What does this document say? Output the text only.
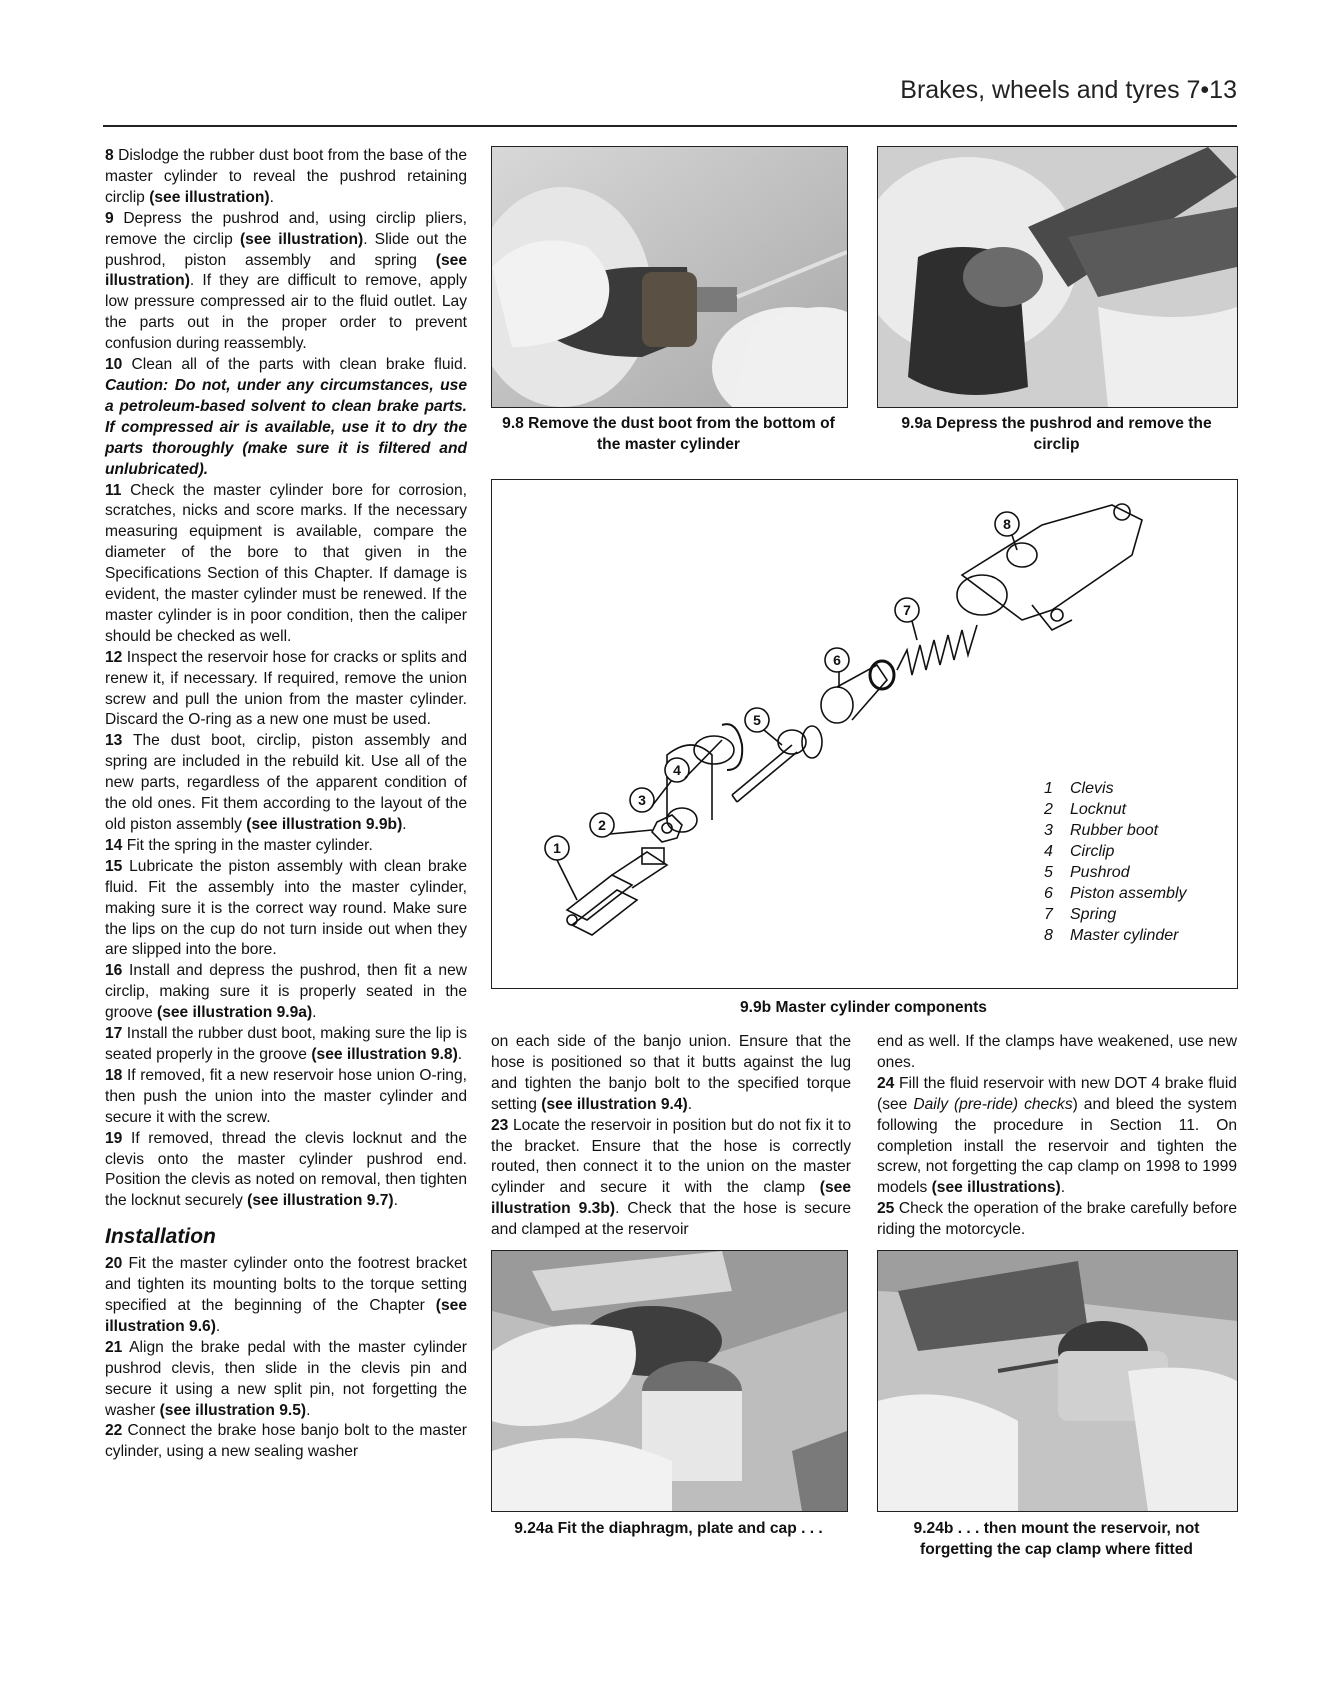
Brakes, wheels and tyres 7•13

8 Dislodge the rubber dust boot from the base of the master cylinder to reveal the pushrod retaining circlip (see illustration).

9 Depress the pushrod and, using circlip pliers, remove the circlip (see illustration). Slide out the pushrod, piston assembly and spring (see illustration). If they are difficult to remove, apply low pressure compressed air to the fluid outlet. Lay the parts out in the proper order to prevent confusion during reassembly.

10 Clean all of the parts with clean brake fluid. Caution: Do not, under any circumstances, use a petroleum-based solvent to clean brake parts. If compressed air is available, use it to dry the parts thoroughly (make sure it is filtered and unlubricated).

11 Check the master cylinder bore for corrosion, scratches, nicks and score marks. If the necessary measuring equipment is available, compare the diameter of the bore to that given in the Specifications Section of this Chapter. If damage is evident, the master cylinder must be renewed. If the master cylinder is in poor condition, then the caliper should be checked as well.

12 Inspect the reservoir hose for cracks or splits and renew it, if necessary. If required, remove the union screw and pull the union from the master cylinder. Discard the O-ring as a new one must be used.

13 The dust boot, circlip, piston assembly and spring are included in the rebuild kit. Use all of the new parts, regardless of the apparent condition of the old ones. Fit them according to the layout of the old piston assembly (see illustration 9.9b).

14 Fit the spring in the master cylinder.

15 Lubricate the piston assembly with clean brake fluid. Fit the assembly into the master cylinder, making sure it is the correct way round. Make sure the lips on the cup do not turn inside out when they are slipped into the bore.

16 Install and depress the pushrod, then fit a new circlip, making sure it is properly seated in the groove (see illustration 9.9a).

17 Install the rubber dust boot, making sure the lip is seated properly in the groove (see illustration 9.8).

18 If removed, fit a new reservoir hose union O-ring, then push the union into the master cylinder and secure it with the screw.

19 If removed, thread the clevis locknut and the clevis onto the master cylinder pushrod end. Position the clevis as noted on removal, then tighten the locknut securely (see illustration 9.7).

Installation

20 Fit the master cylinder onto the footrest bracket and tighten its mounting bolts to the torque setting specified at the beginning of the Chapter (see illustration 9.6).

21 Align the brake pedal with the master cylinder pushrod clevis, then slide in the clevis pin and secure it using a new split pin, not forgetting the washer (see illustration 9.5).

22 Connect the brake hose banjo bolt to the master cylinder, using a new sealing washer

9.8 Remove the dust boot from the bottom of the master cylinder
9.9a Depress the pushrod and remove the circlip
1
2
3
4
5
6
7
8
1	Clevis
2	Locknut
3	Rubber boot
4	Circlip
5	Pushrod
6	Piston assembly
7	Spring
8	Master cylinder
9.9b Master cylinder components

on each side of the banjo union. Ensure that the hose is positioned so that it butts against the lug and tighten the banjo bolt to the specified torque setting (see illustration 9.4).

23 Locate the reservoir in position but do not fix it to the bracket. Ensure that the hose is correctly routed, then connect it to the union on the master cylinder and secure it with the clamp (see illustration 9.3b). Check that the hose is secure and clamped at the reservoir

end as well. If the clamps have weakened, use new ones.

24 Fill the fluid reservoir with new DOT 4 brake fluid (see Daily (pre-ride) checks) and bleed the system following the procedure in Section 11. On completion install the reservoir and tighten the screw, not forgetting the cap clamp on 1998 to 1999 models (see illustrations).

25 Check the operation of the brake carefully before riding the motorcycle.

9.24a Fit the diaphragm, plate and cap . . .	9.24b . . . then mount the reservoir, not forgetting the cap clamp where fitted
